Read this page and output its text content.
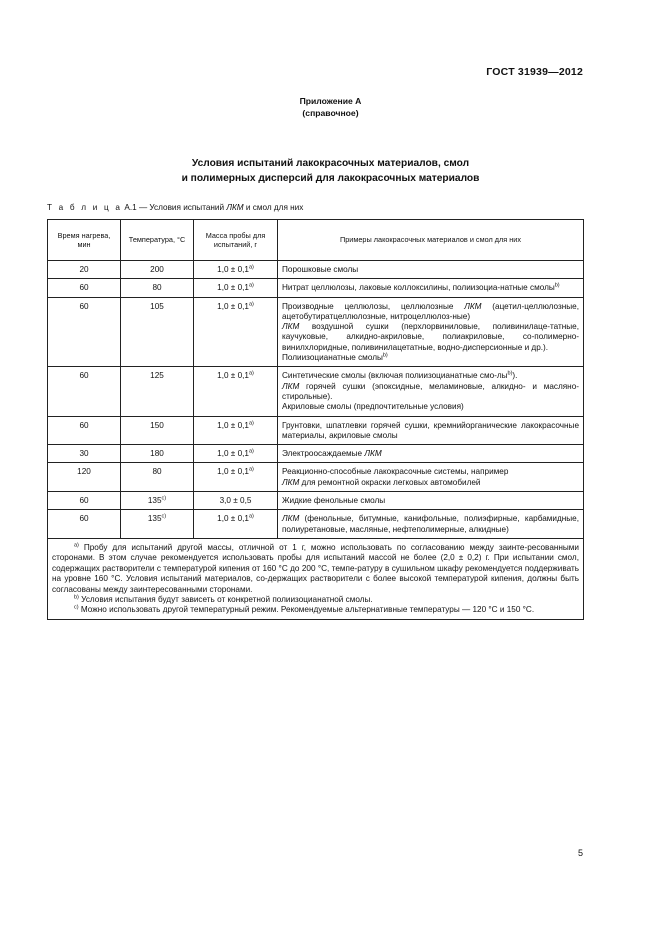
ГОСТ 31939—2012
Приложение А
(справочное)
Условия испытаний лакокрасочных материалов, смол
и полимерных дисперсий для лакокрасочных материалов
Т а б л и ц а А.1 — Условия испытаний ЛКМ и смол для них
Время нагрева, мин	Температура, °С	Масса пробы для испытаний, г	Примеры лакокрасочных материалов и смол для них
20	200	$1,0 \pm 0,1^{а)}$	Порошковые смолы
60	80	$1,0 \pm 0,1^{а)}$	Нитрат целлюлозы, лаковые коллоксилины, полиизоциа-натные смолы$^{b)}$
60	105	$1,0 \pm 0,1^{а)}$	Производные целлюлозы, целлюлозные ЛКМ (ацетил-целлюлозные, ацетобутиратцеллюлозные, нитроцеллюлоз-ные)
ЛКМ воздушной сушки (перхлорвиниловые, поливинилаце-татные, каучуковые, алкидно-акриловые, полиакриловые, со-полимерно-винилхлоридные, поливинилацетатные, водно-дисперсионные и др.).
Полиизоцианатные смолы$^{b)}$

60	125	$1,0 \pm 0,1^{а)}$	Синтетические смолы (включая полиизоцианатные смо-$лы^{b)}$).
ЛКМ горячей сушки (эпоксидные, меламиновые, алкидно- и масляно-стирольные).
Акриловые смолы (предпочтительные условия)

60	150	$1,0 \pm 0,1^{а)}$	Грунтовки, шпатлевки горячей сушки, кремнийорганические лакокрасочные материалы, акриловые смолы
30	180	$1,0 \pm 0,1^{а)}$	Электроосаждаемые ЛКМ
120	80	$1,0 \pm 0,1^{а)}$	Реакционно-способные лакокрасочные системы, например
ЛКМ для ремонтной окраски легковых автомобилей

60	135$^{c)}$	3,0 ± 0,5	Жидкие фенольные смолы
60	135$^{c)}$	$1,0 \pm 0,1^{а)}$	ЛКМ (фенольные, битумные, канифольные, полиэфирные, карбамидные, полиуретановые, масляные, нефтеполимерные, алкидные)

$^{а)}$ Пробу для испытаний другой массы, отличной от 1 г, можно использовать по согласованию между заинте-ресованными сторонами. В этом случае рекомендуется использовать пробы для испытаний массой не более (2,0 ± 0,2) г. При испытании смол, содержащих растворители с температурой кипения от 160 °С до 200 °С, темпе-ратуру в сушильном шкафу рекомендуется поддерживать на уровне 160 °С. Условия испытаний материалов, со-держащих растворители с более высокой температурой кипения, должны быть согласованы между заинтересованными сторонами.
$^{b)}$ Условия испытания будут зависеть от конкретной полиизоцианатной смолы.
$^{c)}$ Можно использовать другой температурный режим. Рекомендуемые альтернативные температуры — 120 °С и 150 °С.			
5
